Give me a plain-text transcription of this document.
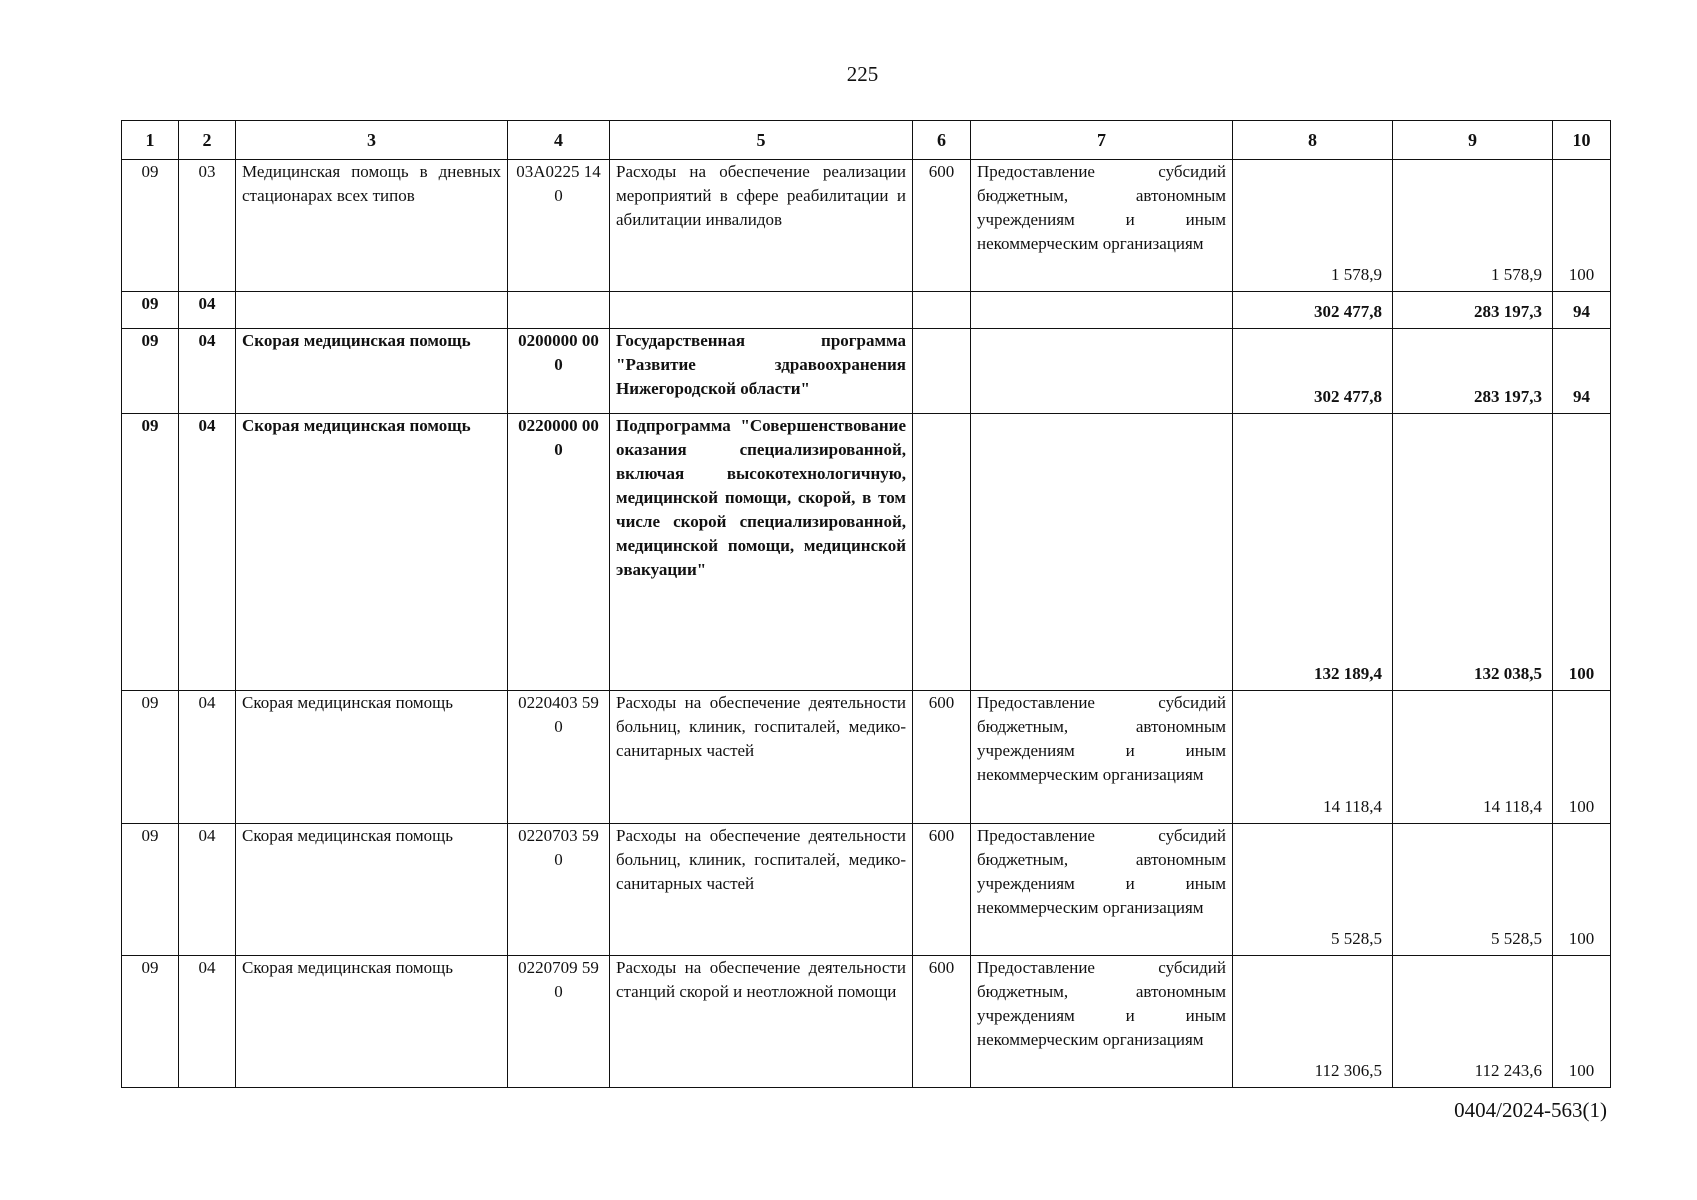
225
1	2	3	4	5	6	7	8	9	10
09	03	Медицинская помощь в дневных стационарах всех типов	03А0225 140	Расходы на обеспечение реализации мероприятий в сфере реабилитации и абилитации инвалидов	600	Предоставление субсидий бюджетным, автономным учреждениям и иным некоммерческим организациям	1 578,9	1 578,9	100
09	04						302 477,8	283 197,3	94
09	04	Скорая медицинская помощь	0200000 000	Государственная программа "Развитие здравоохранения Нижегородской области"			302 477,8	283 197,3	94
09	04	Скорая медицинская помощь	0220000 000	Подпрограмма "Совершенствование оказания специализированной, включая высокотехнологичную, медицинской помощи, скорой, в том числе скорой специализированной, медицинской помощи, медицинской эвакуации"			132 189,4	132 038,5	100
09	04	Скорая медицинская помощь	0220403 590	Расходы на обеспечение деятельности больниц, клиник, госпиталей, медико-санитарных частей	600	Предоставление субсидий бюджетным, автономным учреждениям и иным некоммерческим организациям	14 118,4	14 118,4	100
09	04	Скорая медицинская помощь	0220703 590	Расходы на обеспечение деятельности больниц, клиник, госпиталей, медико-санитарных частей	600	Предоставление субсидий бюджетным, автономным учреждениям и иным некоммерческим организациям	5 528,5	5 528,5	100
09	04	Скорая медицинская помощь	0220709 590	Расходы на обеспечение деятельности станций скорой и неотложной помощи	600	Предоставление субсидий бюджетным, автономным учреждениям и иным некоммерческим организациям	112 306,5	112 243,6	100
0404/2024-563(1)
